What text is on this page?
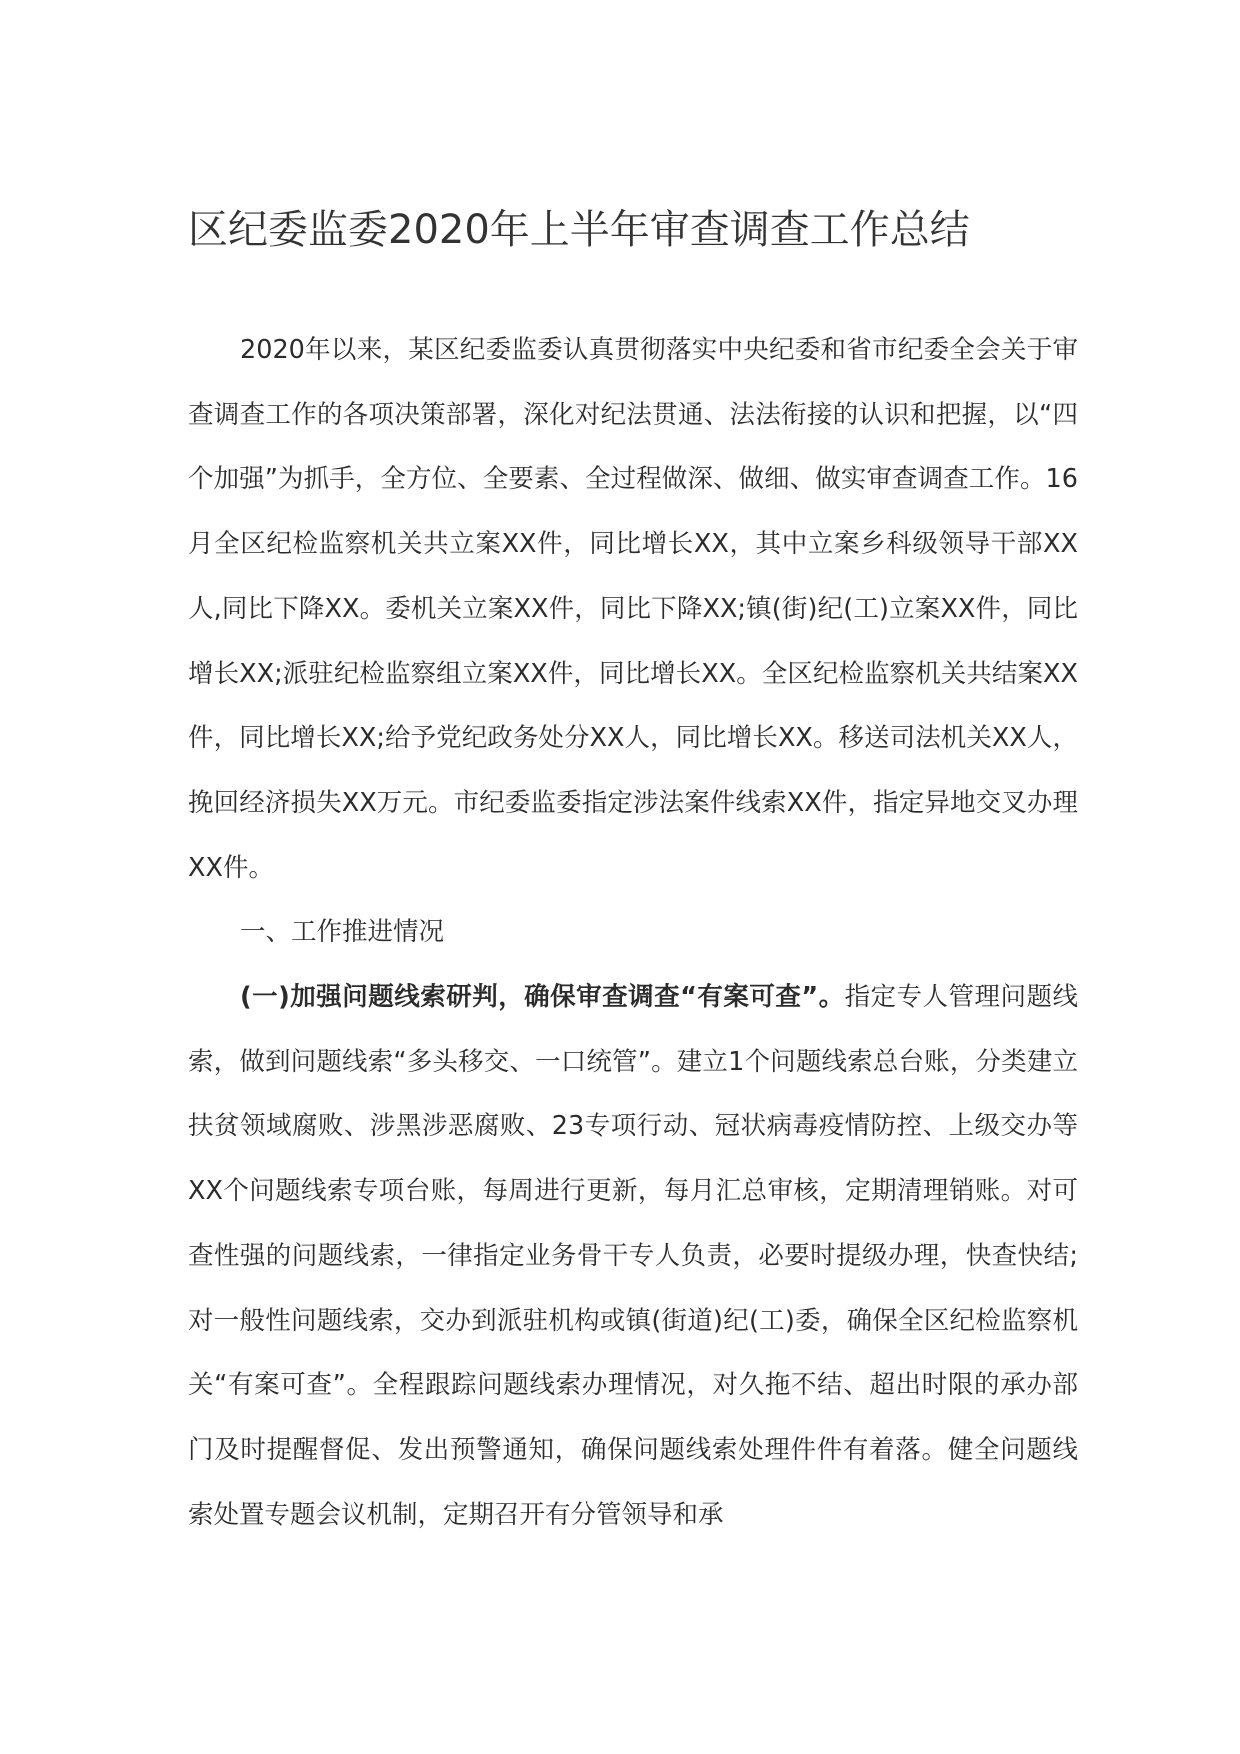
区纪委监委2020年上半年审查调查工作总结

2020年以来，某区纪委监委认真贯彻落实中央纪委和省市纪委全会关于审查调查工作的各项决策部署，深化对纪法贯通、法法衔接的认识和把握，以“四个加强”为抓手，全方位、全要素、全过程做深、做细、做实审查调查工作。16月全区纪检监察机关共立案XX件，同比增长XX，其中立案乡科级领导干部XX人,同比下降XX。委机关立案XX件，同比下降XX;镇(街)纪(工)立案XX件，同比增长XX;派驻纪检监察组立案XX件，同比增长XX。全区纪检监察机关共结案XX件，同比增长XX;给予党纪政务处分XX人，同比增长XX。移送司法机关XX人，挽回经济损失XX万元。市纪委监委指定涉法案件线索XX件，指定异地交叉办理XX件。

一、工作推进情况

(一)加强问题线索研判，确保审查调查“有案可查”。指定专人管理问题线索，做到问题线索“多头移交、一口统管”。建立1个问题线索总台账，分类建立扶贫领域腐败、涉黑涉恶腐败、23专项行动、冠状病毒疫情防控、上级交办等XX个问题线索专项台账，每周进行更新，每月汇总审核，定期清理销账。对可查性强的问题线索，一律指定业务骨干专人负责，必要时提级办理，快查快结;对一般性问题线索，交办到派驻机构或镇(街道)纪(工)委，确保全区纪检监察机关“有案可查”。全程跟踪问题线索办理情况，对久拖不结、超出时限的承办部门及时提醒督促、发出预警通知，确保问题线索处理件件有着落。健全问题线索处置专题会议机制，定期召开有分管领导和承
